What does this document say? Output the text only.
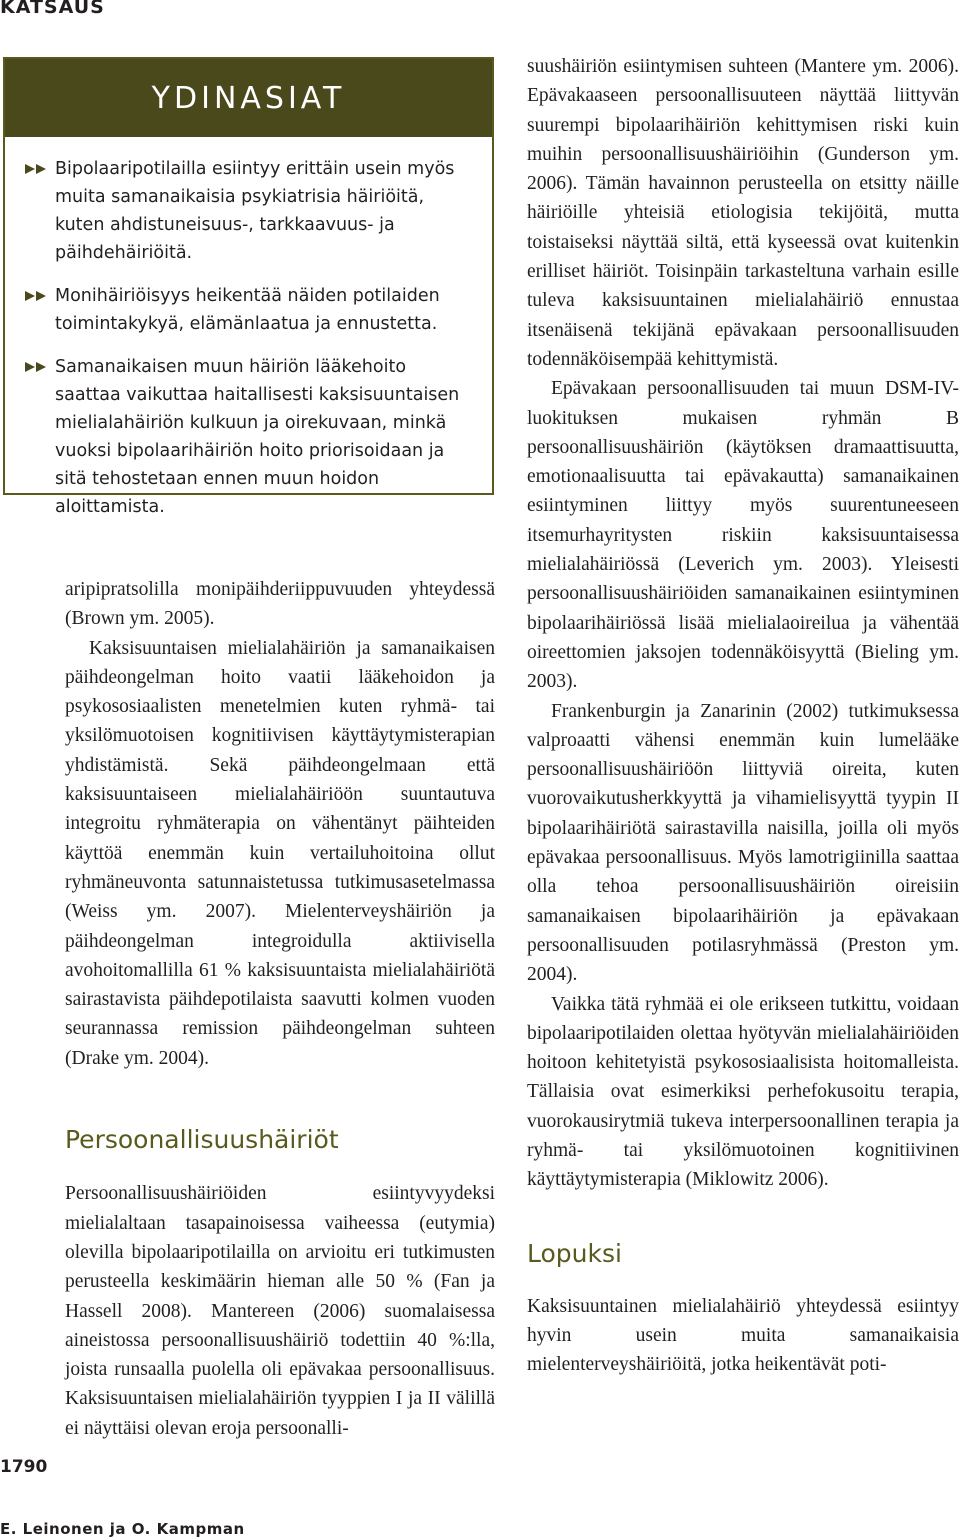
KATSAUS
YDINASIAT
Bipolaaripotilailla esiintyy erittäin usein myös muita samanaikaisia psykiatrisia häiriöitä, kuten ahdistuneisuus-, tarkkaavuus- ja päihdehäiriöitä.
Monihäiriöisyys heikentää näiden potilaiden toimintakykyä, elämänlaatua ja ennustetta.
Samanaikaisen muun häiriön lääkehoito saattaa vaikuttaa haitallisesti kaksisuuntaisen mielialahäiriön kulkuun ja oirekuvaan, minkä vuoksi bipolaarihäiriön hoito priorisoidaan ja sitä tehostetaan ennen muun hoidon aloittamista.

aripipratsolilla monipäihderiippuvuuden yhteydessä (Brown ym. 2005).

Kaksisuuntaisen mielialahäiriön ja samanaikaisen päihdeongelman hoito vaatii lääkehoidon ja psykososiaalisten menetelmien kuten ryhmä- tai yksilömuotoisen kognitiivisen käyttäytymisterapian yhdistämistä. Sekä päihdeongelmaan että kaksisuuntaiseen mielialahäiriöön suuntautuva integroitu ryhmäterapia on vähentänyt päihteiden käyttöä enemmän kuin vertailuhoitoina ollut ryhmäneuvonta satunnaistetussa tutkimusasetelmassa (Weiss ym. 2007). Mielenterveyshäiriön ja päihdeongelman integroidulla aktiivisella avohoitomallilla 61 % kaksisuuntaista mielialahäiriötä sairastavista päihdepotilaista saavutti kolmen vuoden seurannassa remission päihdeongelman suhteen (Drake ym. 2004).

Persoonallisuushäiriöt

Persoonallisuushäiriöiden esiintyvyydeksi mielialaltaan tasapainoisessa vaiheessa (eutymia) olevilla bipolaaripotilailla on arvioitu eri tutkimusten perusteella keskimäärin hieman alle 50 % (Fan ja Hassell 2008). Mantereen (2006) suomalaisessa aineistossa persoonallisuushäiriö todettiin 40 %:lla, joista runsaalla puolella oli epävakaa persoonallisuus. Kaksisuuntaisen mielialahäiriön tyyppien I ja II välillä ei näyttäisi olevan eroja persoonalli-

suushäiriön esiintymisen suhteen (Mantere ym. 2006). Epävakaaseen persoonallisuuteen näyttää liittyvän suurempi bipolaarihäiriön kehittymisen riski kuin muihin persoonallisuushäiriöihin (Gunderson ym. 2006). Tämän havainnon perusteella on etsitty näille häiriöille yhteisiä etiologisia tekijöitä, mutta toistaiseksi näyttää siltä, että kyseessä ovat kuitenkin erilliset häiriöt. Toisinpäin tarkasteltuna varhain esille tuleva kaksisuuntainen mielialahäiriö ennustaa itsenäisenä tekijänä epävakaan persoonallisuuden todennäköisempää kehittymistä.

Epävakaan persoonallisuuden tai muun DSM-IV-luokituksen mukaisen ryhmän B persoonallisuushäiriön (käytöksen dramaattisuutta, emotionaalisuutta tai epävakautta) samanaikainen esiintyminen liittyy myös suurentuneeseen itsemurhayritysten riskiin kaksisuuntaisessa mielialahäiriössä (Leverich ym. 2003). Yleisesti persoonallisuushäiriöiden samanaikainen esiintyminen bipolaarihäiriössä lisää mielialaoireilua ja vähentää oireettomien jaksojen todennäköisyyttä (Bieling ym. 2003).

Frankenburgin ja Zanarinin (2002) tutkimuksessa valproaatti vähensi enemmän kuin lumelääke persoonallisuushäiriöön liittyviä oireita, kuten vuorovaikutusherkkyyttä ja vihamielisyyttä tyypin II bipolaarihäiriötä sairastavilla naisilla, joilla oli myös epävakaa persoonallisuus. Myös lamotrigiinilla saattaa olla tehoa persoonallisuushäiriön oireisiin samanaikaisen bipolaarihäiriön ja epävakaan persoonallisuuden potilasryhmässä (Preston ym. 2004).

Vaikka tätä ryhmää ei ole erikseen tutkittu, voidaan bipolaaripotilaiden olettaa hyötyvän mielialahäiriöiden hoitoon kehitetyistä psykososiaalisista hoitomalleista. Tällaisia ovat esimerkiksi perhefokusoitu terapia, vuorokausirytmiä tukeva interpersoonallinen terapia ja ryhmä- tai yksilömuotoinen kognitiivinen käyttäytymisterapia (Miklowitz 2006).

Lopuksi

Kaksisuuntainen mielialahäiriö yhteydessä esiintyy hyvin usein muita samanaikaisia mielenterveyshäiriöitä, jotka heikentävät poti-

1790
E. Leinonen ja O. Kampman
